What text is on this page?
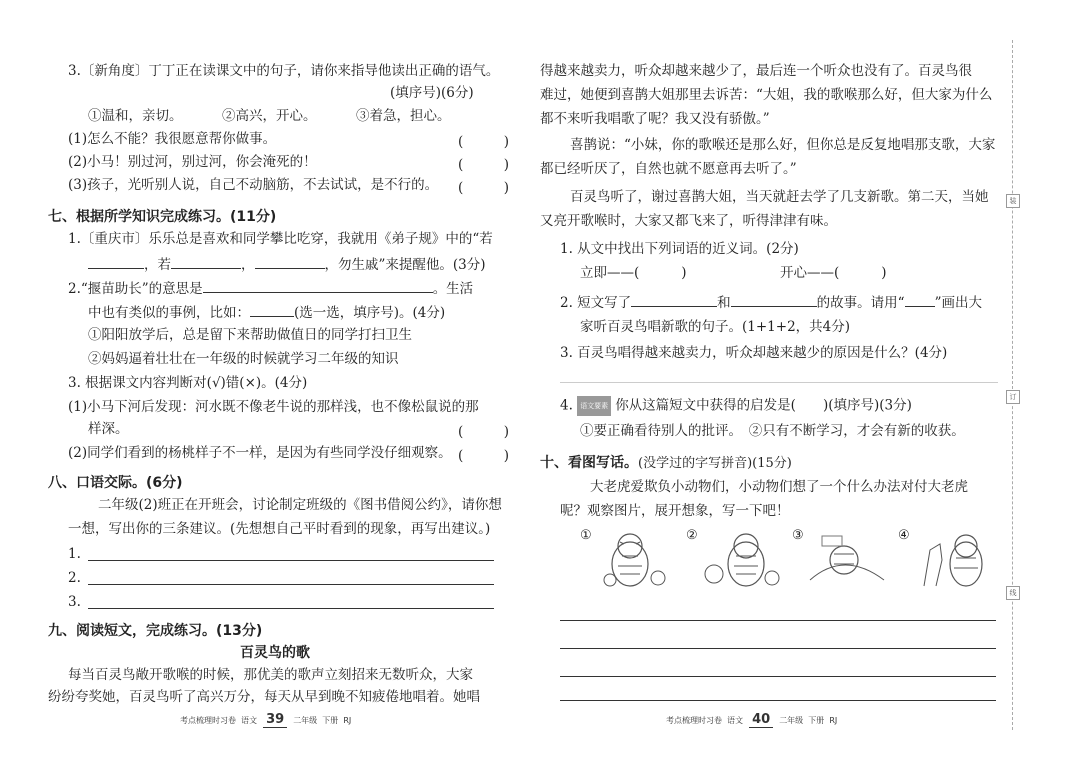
3.〔新角度〕丁丁正在读课文中的句子，请你来指导他读出正确的语气。
(填序号)(6分)
①温和，亲切。	②高兴，开心。	③着急，担心。
(1)怎么不能？我很愿意帮你做事。	(　　　)
(2)小马！别过河，别过河，你会淹死的！	(　　　)
(3)孩子，光听别人说，自己不动脑筋，不去试试，是不行的。 (　　　)
七、根据所学知识完成练习。(11分)
1.〔重庆市〕乐乐总是喜欢和同学攀比吃穿，我就用《弟子规》中的“若
，若	，	，勿生戚”来提醒他。(3分)
2.“揠苗助长”的意思是	。生活
中也有类似的事例，比如：	(选一选，填序号)。(4分)
①阳阳放学后，总是留下来帮助做值日的同学打扫卫生
②妈妈逼着壮壮在一年级的时候就学习二年级的知识
3. 根据课文内容判断对(√)错(×)。(4分)
(1)小马下河后发现：河水既不像老牛说的那样浅，也不像松鼠说的那
样深。	(　　　)
(2)同学们看到的杨桃样子不一样，是因为有些同学没仔细观察。 (　　　)
八、口语交际。(6分)
二年级(2)班正在开班会，讨论制定班级的《图书借阅公约》，请你想
一想，写出你的三条建议。(先想想自己平时看到的现象，再写出建议。)
1.
2.
3.
九、阅读短文，完成练习。(13分)
百灵鸟的歌
每当百灵鸟敞开歌喉的时候，那优美的歌声立刻招来无数听众，大家
纷纷夸奖她，百灵鸟听了高兴万分，每天从早到晚不知疲倦地唱着。她唱
考点梳理时习卷 语文 39 二年级 下册 RJ
得越来越卖力，听众却越来越少了，最后连一个听众也没有了。百灵鸟很
难过，她便到喜鹊大姐那里去诉苦：“大姐，我的歌喉那么好，但大家为什么
都不来听我唱歌了呢？我又没有骄傲。”
喜鹊说：“小妹，你的歌喉还是那么好，但你总是反复地唱那支歌，大家
都已经听厌了，自然也就不愿意再去听了。”
百灵鸟听了，谢过喜鹊大姐，当天就赶去学了几支新歌。第二天，当她
又亮开歌喉时，大家又都飞来了，听得津津有味。
1. 从文中找出下列词语的近义词。(2分)
立即——(	)	开心——(	)
2. 短文写了	和	的故事。请用“ ”画出大
家听百灵鸟唱新歌的句子。(1+1+2，共4分)
3. 百灵鸟唱得越来越卖力，听众却越来越少的原因是什么？(4分)
4. 语文要素 你从这篇短文中获得的启发是(　　)(填序号)(3分)
①要正确看待别人的批评。　②只有不断学习，才会有新的收获。
十、看图写话。(没学过的字写拼音)(15分)
大老虎爱欺负小动物们，小动物们想了一个什么办法对付大老虎
呢？观察图片，展开想象，写一下吧！
①	②	③	④
考点梳理时习卷 语文 40 二年级 下册 RJ
装
订
线
